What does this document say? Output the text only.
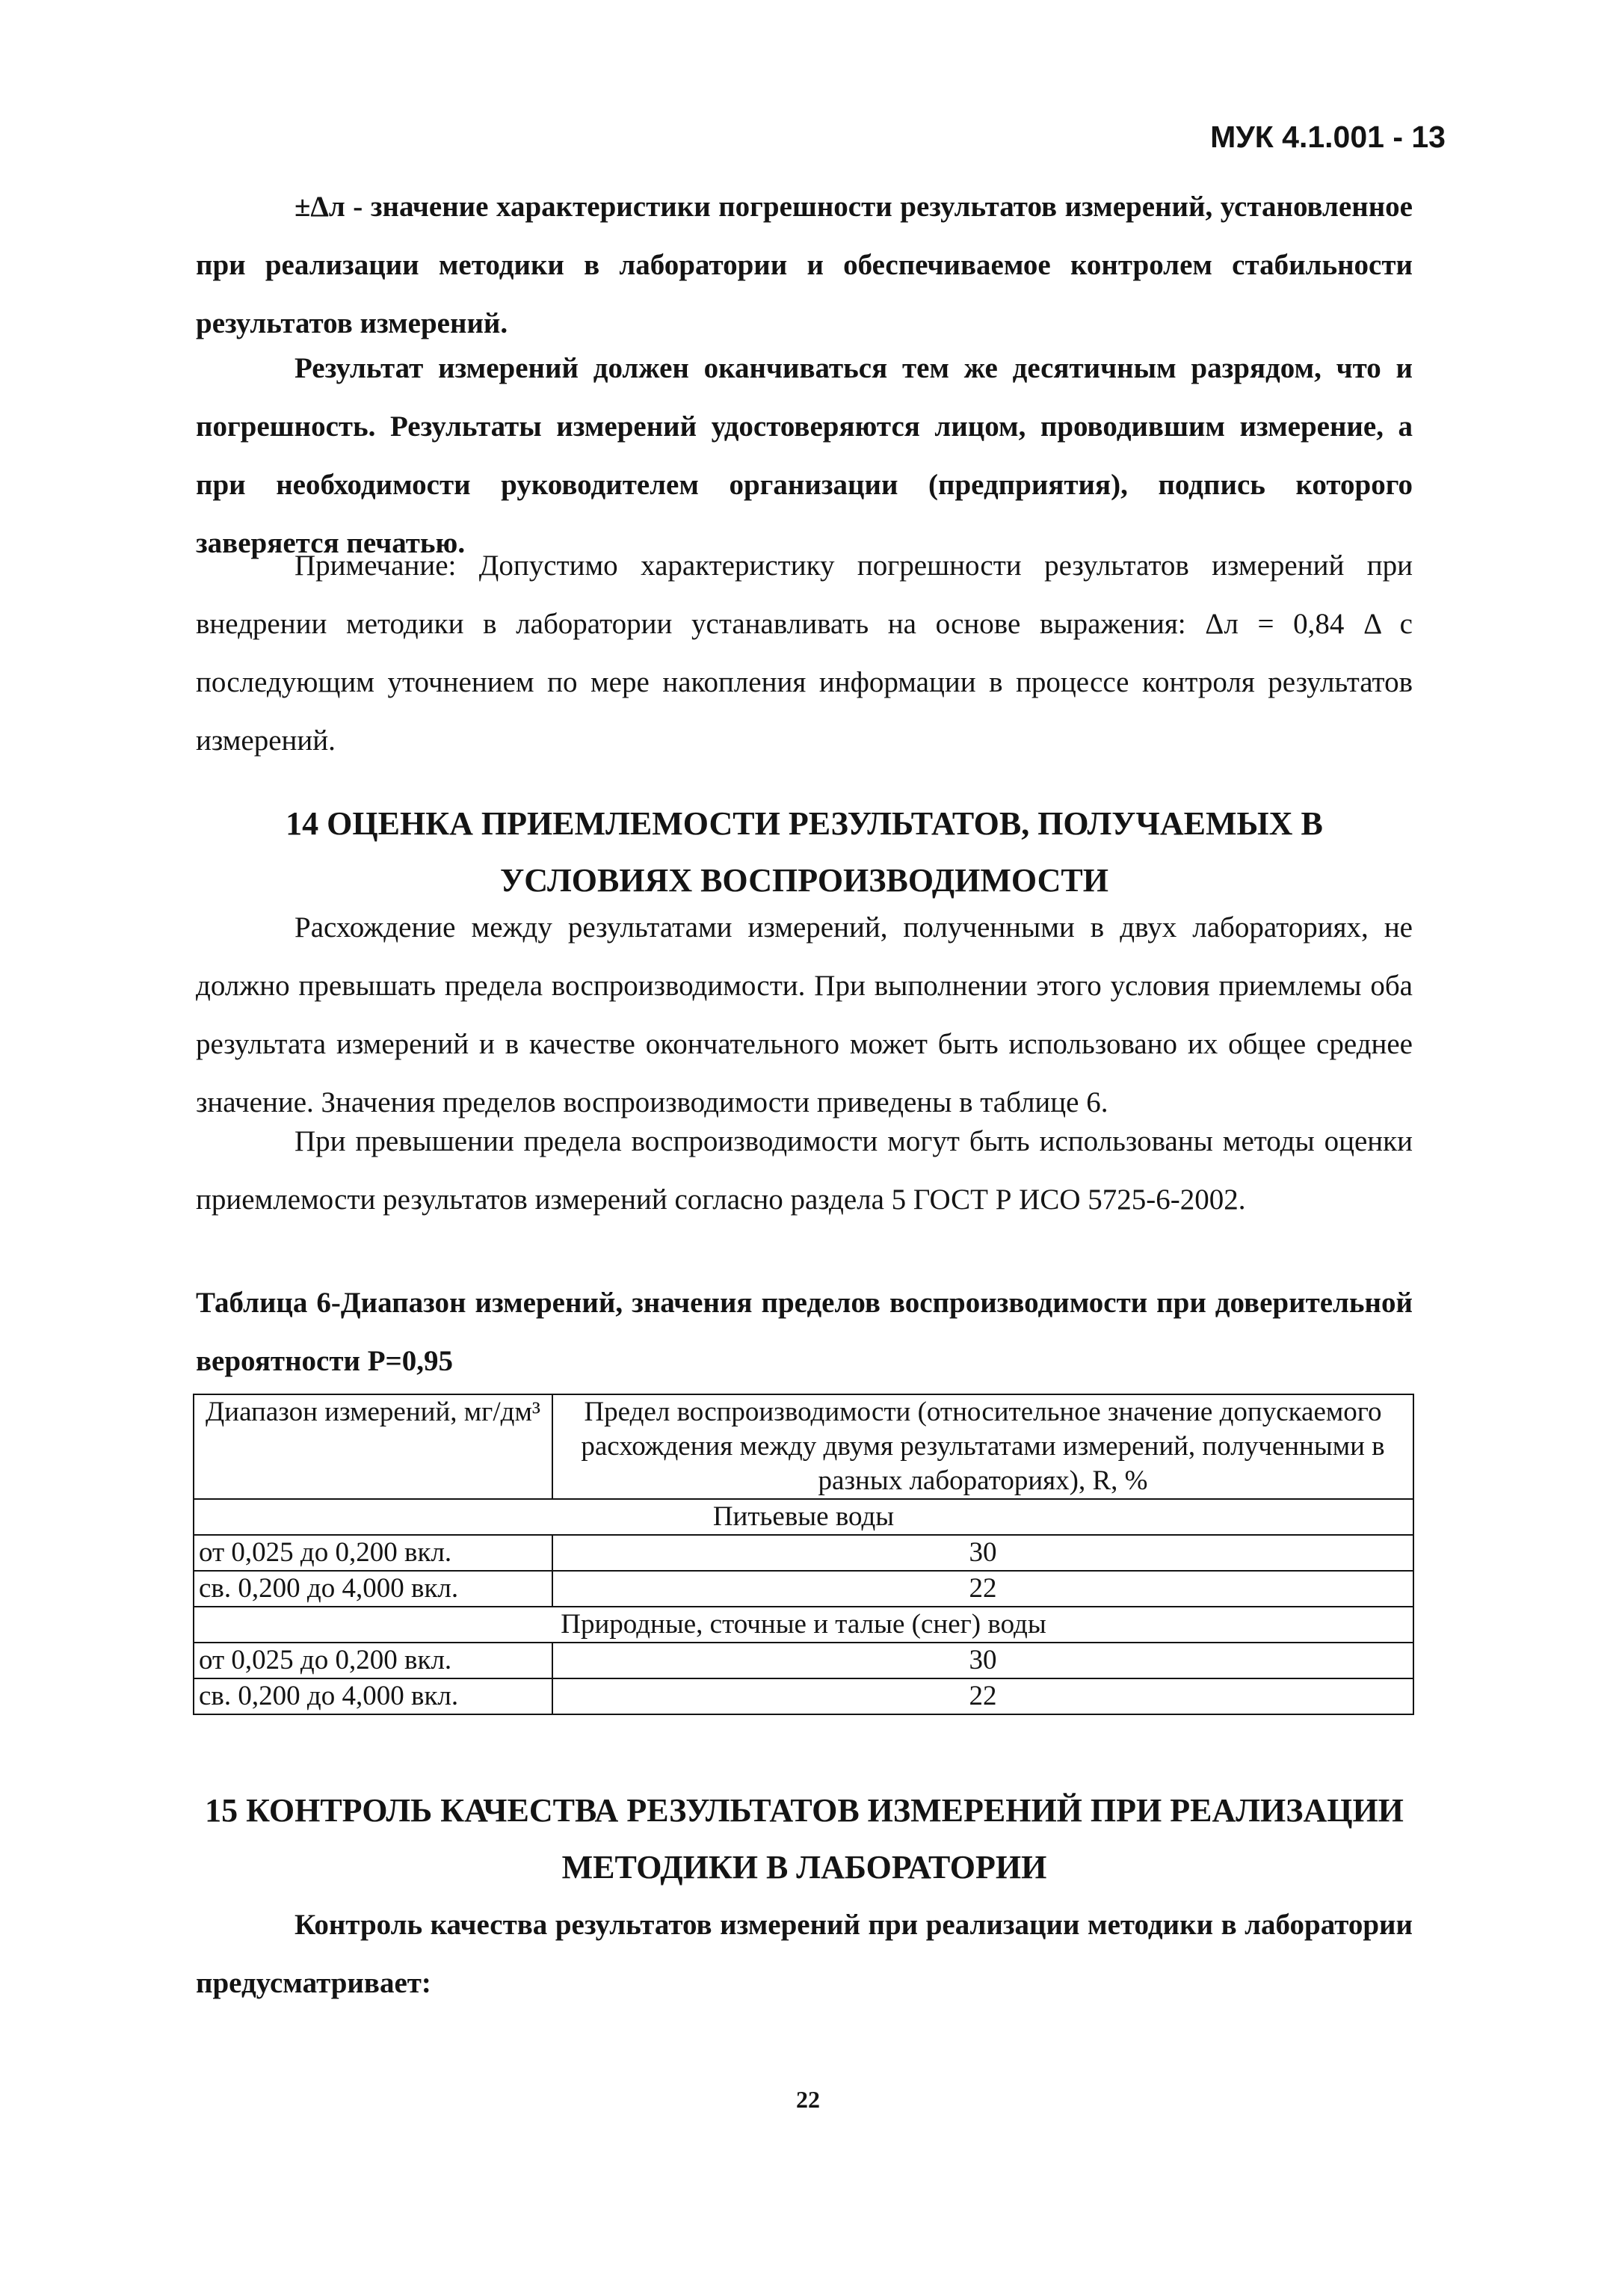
МУК 4.1.001 - 13

±Δл - значение характеристики погрешности результатов измерений, установленное при реализации методики в лаборатории и обеспечиваемое контролем стабильности результатов измерений.

Результат измерений должен оканчиваться тем же десятичным разрядом, что и погрешность. Результаты измерений удостоверяются лицом, проводившим измерение, а при необходимости руководителем организации (предприятия), подпись которого заверяется печатью.

Примечание: Допустимо характеристику погрешности результатов измерений при внедрении методики в лаборатории устанавливать на основе выражения: Δл = 0,84 Δ с последующим уточнением по мере накопления информации в процессе контроля результатов измерений.

14 ОЦЕНКА ПРИЕМЛЕМОСТИ РЕЗУЛЬТАТОВ, ПОЛУЧАЕМЫХ В УСЛОВИЯХ ВОСПРОИЗВОДИМОСТИ

Расхождение между результатами измерений, полученными в двух лабораториях, не должно превышать предела воспроизводимости. При выполнении этого условия приемлемы оба результата измерений и в качестве окончательного может быть использовано их общее среднее значение. Значения пределов воспроизводимости приведены в таблице 6.

При превышении предела воспроизводимости могут быть использованы методы оценки приемлемости результатов измерений согласно раздела 5 ГОСТ Р ИСО 5725-6-2002.

Таблица 6-Диапазон измерений, значения пределов воспроизводимости при доверительной вероятности Р=0,95

Диапазон измерений, мг/дм³	Предел воспроизводимости (относительное значение допускаемого расхождения между двумя результатами измерений, полученными в разных лабораториях), R, %
Питьевые воды	
от 0,025 до 0,200 вкл.	30
св. 0,200 до 4,000 вкл.	22
Природные, сточные и талые (снег) воды	
от 0,025 до 0,200 вкл.	30
св. 0,200 до 4,000 вкл.	22
15 КОНТРОЛЬ КАЧЕСТВА РЕЗУЛЬТАТОВ ИЗМЕРЕНИЙ ПРИ РЕАЛИЗАЦИИ МЕТОДИКИ В ЛАБОРАТОРИИ

Контроль качества результатов измерений при реализации методики в лаборатории предусматривает:

22
